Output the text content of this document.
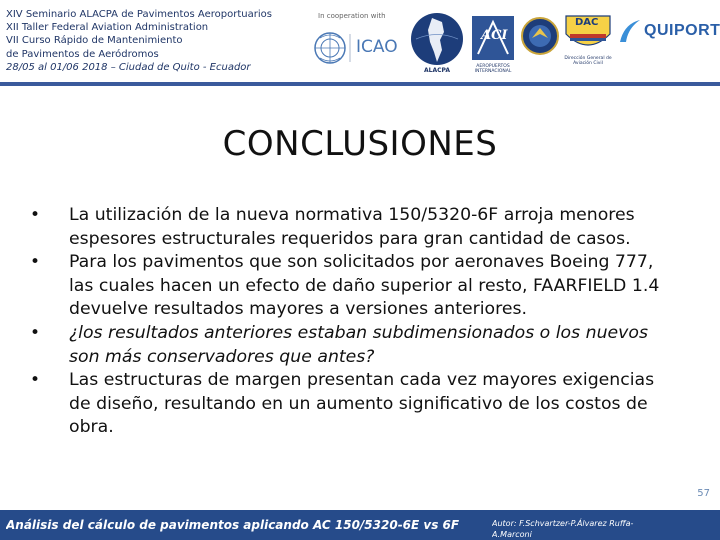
XIV Seminario ALACPA de Pavimentos Aeroportuarios
XII Taller Federal Aviation Administration
VII Curso Rápido de Mantenimiento
de Pavimentos de Aeródromos
28/05 al 01/06 2018 – Ciudad de Quito - Ecuador
In cooperation with
ICAO
ALACPA
ACI
AEROPUERTOS INTERNACIONAL
DAC
Dirección General de Aviación Civil
QUIPORT
CONCLUSIONES
• La utilización de la nueva normativa 150/5320-6F arroja menores
espesores estructurales requeridos para gran cantidad de casos.
• Para los pavimentos que son solicitados por aeronaves Boeing 777,
las cuales hacen un efecto de daño superior al resto, FAARFIELD 1.4
devuelve resultados mayores a versiones anteriores.
• ¿los resultados anteriores estaban subdimensionados o los nuevos
son más conservadores que antes?
• Las estructuras de margen presentan cada vez mayores exigencias
de diseño, resultando en un aumento significativo de los costos de
obra.
57
Análisis del cálculo de pavimentos aplicando AC 150/5320-6E vs 6F	Autor: F.Schvartzer-P.Álvarez Ruffa-
A.Marconi
